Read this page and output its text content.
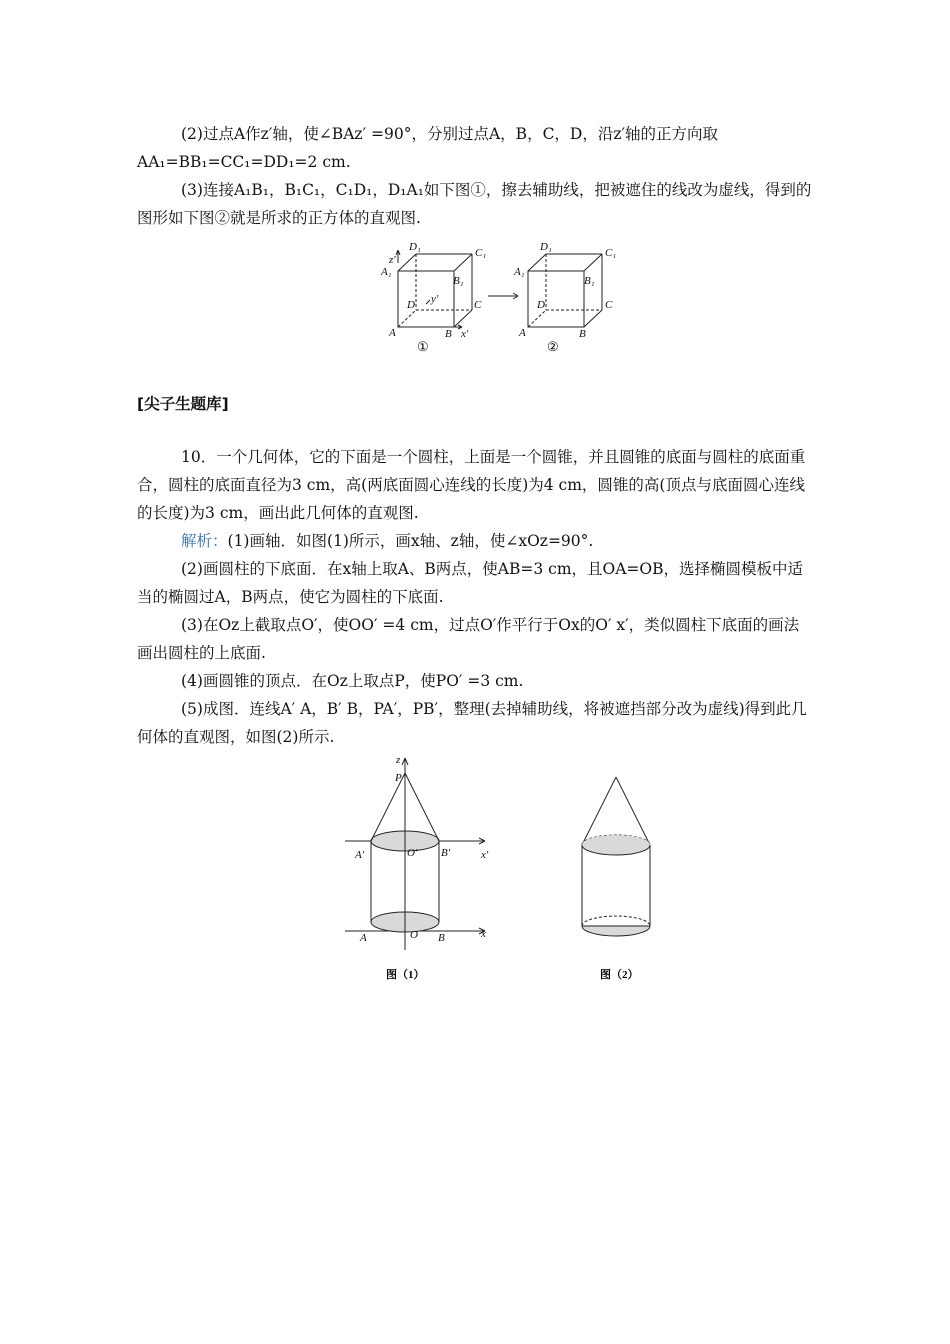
(2)过点A作z′轴，使∠BAz′ =90°，分别过点A，B，C，D，沿z′轴的正方向取

AA₁=BB₁=CC₁=DD₁=2 cm.

(3)连接A₁B₁，B₁C₁，C₁D₁，D₁A₁如下图①，擦去辅助线，把被遮住的线改为虚线，得到的图形如下图②就是所求的正方体的直观图.

z′
A₁
D₁	C₁
B₁
D y′	C
A	B x′
A₁
D₁	C₁
B₁
D	C
A	B
①	②
[尖子生题库]

10．一个几何体，它的下面是一个圆柱，上面是一个圆锥，并且圆锥的底面与圆柱的底面重合，圆柱的底面直径为3 cm，高(两底面圆心连线的长度)为4 cm，圆锥的高(顶点与底面圆心连线的长度)为3 cm，画出此几何体的直观图.

解析：(1)画轴．如图(1)所示，画x轴、z轴，使∠xOz=90°.

(2)画圆柱的下底面．在x轴上取A、B两点，使AB=3 cm，且OA=OB，选择椭圆模板中适当的椭圆过A，B两点，使它为圆柱的下底面.

(3)在Oz上截取点O′，使OO′ =4 cm，过点O′作平行于Ox的O′ x′，类似圆柱下底面的画法画出圆柱的上底面.

(4)画圆锥的顶点．在Oz上取点P，使PO′ =3 cm.

(5)成图．连线A′ A，B′ B，PA′，PB′，整理(去掉辅助线，将被遮挡部分改为虚线)得到此几何体的直观图，如图(2)所示.

z
P
A′	O′ B′	x′
A	O B	x
图（1）	图（2）
